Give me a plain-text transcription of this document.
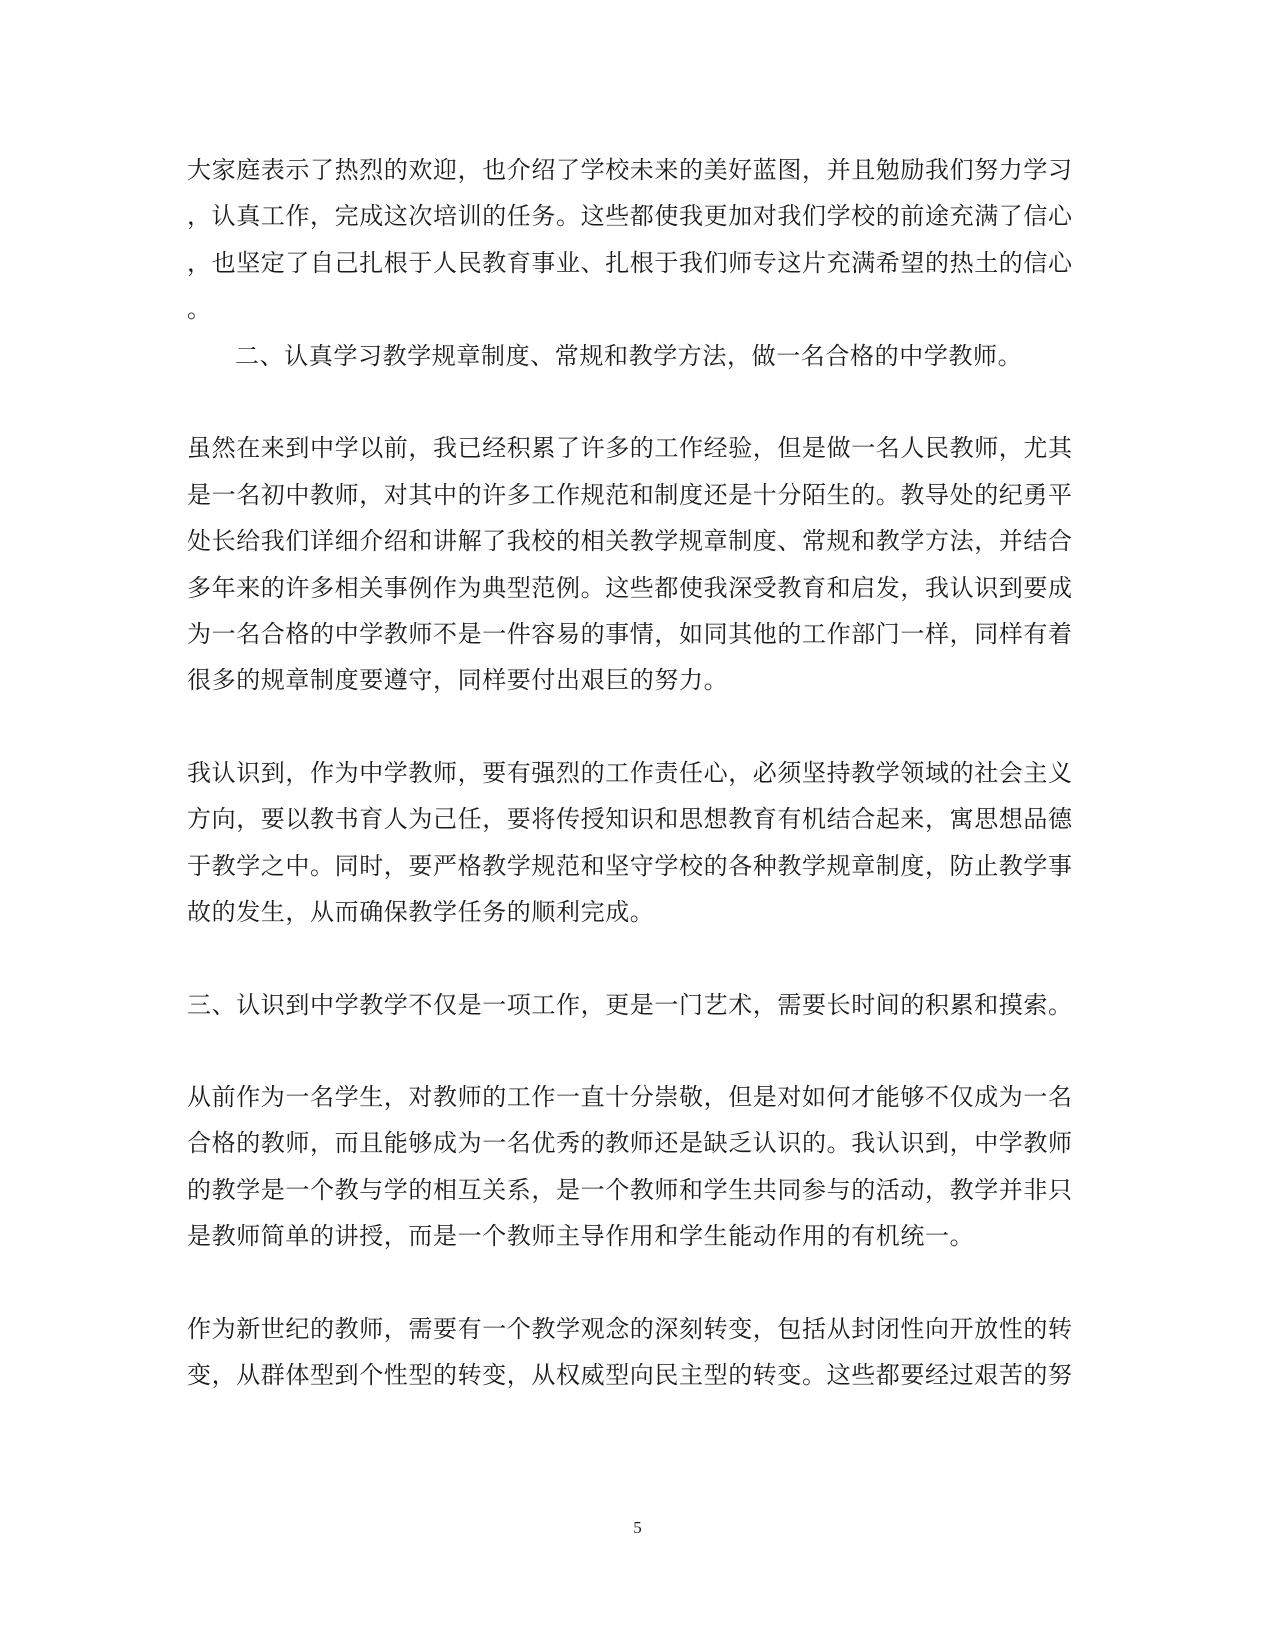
大家庭表示了热烈的欢迎，也介绍了学校未来的美好蓝图，并且勉励我们努力学习
，认真工作，完成这次培训的任务。这些都使我更加对我们学校的前途充满了信心
，也坚定了自己扎根于人民教育事业、扎根于我们师专这片充满希望的热土的信心
。
二、认真学习教学规章制度、常规和教学方法，做一名合格的中学教师。
虽然在来到中学以前，我已经积累了许多的工作经验，但是做一名人民教师，尤其
是一名初中教师，对其中的许多工作规范和制度还是十分陌生的。教导处的纪勇平
处长给我们详细介绍和讲解了我校的相关教学规章制度、常规和教学方法，并结合
多年来的许多相关事例作为典型范例。这些都使我深受教育和启发，我认识到要成
为一名合格的中学教师不是一件容易的事情，如同其他的工作部门一样，同样有着
很多的规章制度要遵守，同样要付出艰巨的努力。
我认识到，作为中学教师，要有强烈的工作责任心，必须坚持教学领域的社会主义
方向，要以教书育人为己任，要将传授知识和思想教育有机结合起来，寓思想品德
于教学之中。同时，要严格教学规范和坚守学校的各种教学规章制度，防止教学事
故的发生，从而确保教学任务的顺利完成。
三、认识到中学教学不仅是一项工作，更是一门艺术，需要长时间的积累和摸索。
从前作为一名学生，对教师的工作一直十分崇敬，但是对如何才能够不仅成为一名
合格的教师，而且能够成为一名优秀的教师还是缺乏认识的。我认识到，中学教师
的教学是一个教与学的相互关系，是一个教师和学生共同参与的活动，教学并非只
是教师简单的讲授，而是一个教师主导作用和学生能动作用的有机统一。
作为新世纪的教师，需要有一个教学观念的深刻转变，包括从封闭性向开放性的转
变，从群体型到个性型的转变，从权威型向民主型的转变。这些都要经过艰苦的努
5
